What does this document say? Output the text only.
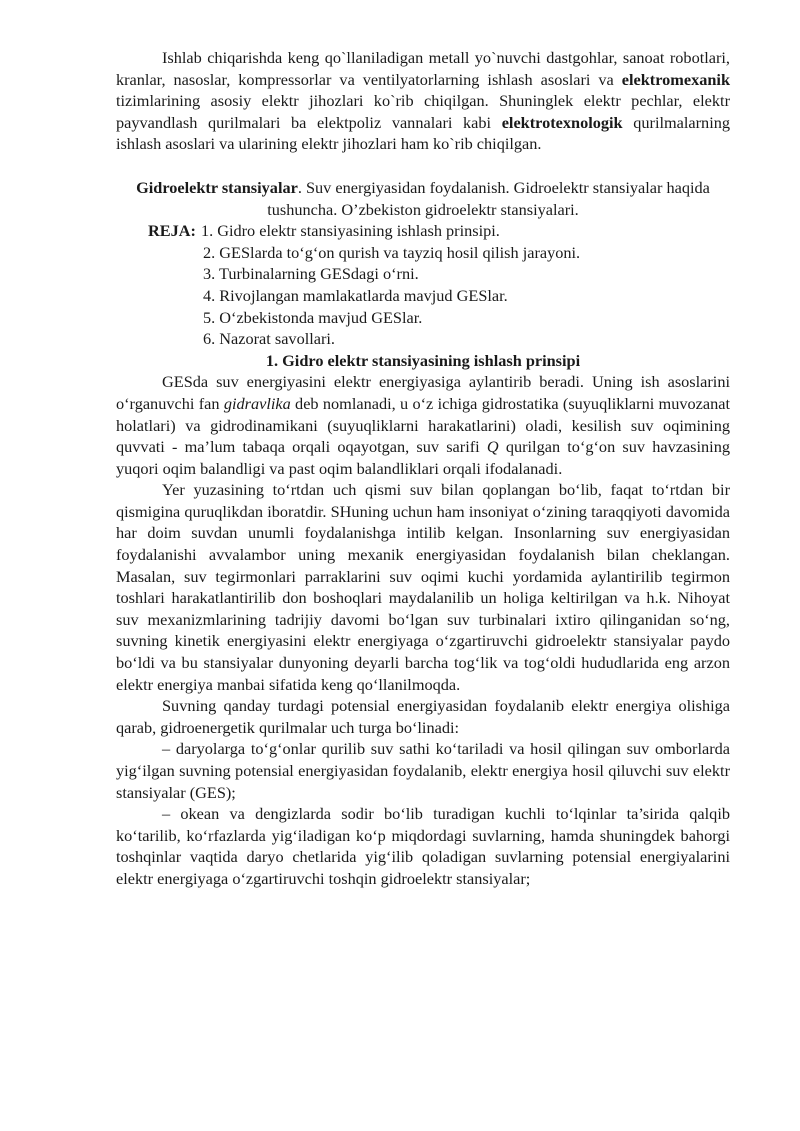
Ishlab chiqarishda keng qo`llaniladigan metall yo`nuvchi dastgohlar, sanoat robotlari, kranlar, nasoslar, kompressorlar va ventilyatorlarning ishlash asoslari va elektromexanik tizimlarining asosiy elektr jihozlari ko`rib chiqilgan. Shuninglek elektr pechlar, elektr payvandlash qurilmalari ba elektpoliz vannalari kabi elektrotexnologik qurilmalarning ishlash asoslari va ularining elektr jihozlari ham ko`rib chiqilgan.

Gidroelektr stansiyalar. Suv energiyasidan foydalanish. Gidroelektr stansiyalar haqida tushuncha. O’zbekiston gidroelektr stansiyalari.

REJA: 1. Gidro elektr stansiyasining ishlash prinsipi.
2. GESlarda to‘g‘on qurish va tayziq hosil qilish jarayoni.
3. Turbinalarning GESdagi o‘rni.
4. Rivojlangan mamlakatlarda mavjud GESlar.
5. O‘zbekistonda mavjud GESlar.
6. Nazorat savollari.

1. Gidro elektr stansiyasining ishlash prinsipi

GESda suv energiyasini elektr energiyasiga aylantirib beradi. Uning ish asoslarini o‘rganuvchi fan gidravlika deb nomlanadi, u o‘z ichiga gidrostatika (suyuqliklarni muvozanat holatlari) va gidrodinamikani (suyuqliklarni harakatlarini) oladi, kesilish suv oqimining quvvati - ma’lum tabaqa orqali oqayotgan, suv sarifi Q qurilgan to‘g‘on suv havzasining yuqori oqim balandligi va past oqim balandliklari orqali ifodalanadi.

Yer yuzasining to‘rtdan uch qismi suv bilan qoplangan bo‘lib, faqat to‘rtdan bir qismigina quruqlikdan iboratdir. SHuning uchun ham insoniyat o‘zining taraqqiyoti davomida har doim suvdan unumli foydalanishga intilib kelgan. Insonlarning suv energiyasidan foydalanishi avvalambor uning mexanik energiyasidan foydalanish bilan cheklangan. Masalan, suv tegirmonlari parraklarini suv oqimi kuchi yordamida aylantirilib tegirmon toshlari harakatlantirilib don boshoqlari maydalanilib un holiga keltirilgan va h.k. Nihoyat suv mexanizmlarining tadrijiy davomi bo‘lgan suv turbinalari ixtiro qilinganidan so‘ng, suvning kinetik energiyasini elektr energiyaga o‘zgartiruvchi gidroelektr stansiyalar paydo bo‘ldi va bu stansiyalar dunyoning deyarli barcha tog‘lik va tog‘oldi hududlarida eng arzon elektr energiya manbai sifatida keng qo‘llanilmoqda.

Suvning qanday turdagi potensial energiyasidan foydalanib elektr energiya olishiga qarab, gidroenergetik qurilmalar uch turga bo‘linadi:

– daryolarga to‘g‘onlar qurilib suv sathi ko‘tariladi va hosil qilingan suv omborlarda yig‘ilgan suvning potensial energiyasidan foydalanib, elektr energiya hosil qiluvchi suv elektr stansiyalar (GES);

– okean va dengizlarda sodir bo‘lib turadigan kuchli to‘lqinlar ta’sirida qalqib ko‘tarilib, ko‘rfazlarda yig‘iladigan ko‘p miqdordagi suvlarning, hamda shuningdek bahorgi toshqinlar vaqtida daryo chetlarida yig‘ilib qoladigan suvlarning potensial energiyalarini elektr energiyaga o‘zgartiruvchi toshqin gidroelektr stansiyalar;
